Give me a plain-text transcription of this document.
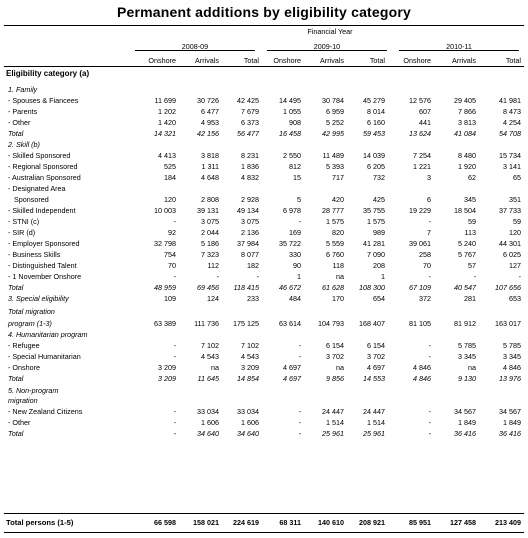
Permanent additions by eligibility category
Financial Year
2008-09	2009-10	2010-11
Onshore	Arrivals	Total	Onshore	Arrivals	Total	Onshore	Arrivals	Total
Eligibility category (a)
1. Family
- Spouses & Fiancees	11 699	30 726	42 425	14 495	30 784	45 279	12 576	29 405	41 981
- Parents	1 202	6 477	7 679	1 055	6 959	8 014	607	7 866	8 473
- Other	1 420	4 953	6 373	908	5 252	6 160	441	3 813	4 254
Total	14 321	42 156	56 477	16 458	42 995	59 453	13 624	41 084	54 708
2. Skill (b)
- Skilled Sponsored	4 413	3 818	8 231	2 550	11 489	14 039	7 254	8 480	15 734
- Regional Sponsored	525	1 311	1 836	812	5 393	6 205	1 221	1 920	3 141
- Australian Sponsored	184	4 648	4 832	15	717	732	3	62	65
- Designated Area
Sponsored	120	2 808	2 928	5	420	425	6	345	351
- Skilled Independent	10 003	39 131	49 134	6 978	28 777	35 755	19 229	18 504	37 733
- STNI (c)	-	3 075	3 075	-	1 575	1 575	-	59	59
- SIR (d)	92	2 044	2 136	169	820	989	7	113	120
- Employer Sponsored	32 798	5 186	37 984	35 722	5 559	41 281	39 061	5 240	44 301
- Business Skills	754	7 323	8 077	330	6 760	7 090	258	5 767	6 025
- Distinguished Talent	70	112	182	90	118	208	70	57	127
- 1 November Onshore	-	-	-	1	na	1	-	-	-
Total	48 959	69 456	118 415	46 672	61 628	108 300	67 109	40 547	107 656
3. Special eligibility	109	124	233	484	170	654	372	281	653
Total migration
program (1-3)	63 389	111 736	175 125	63 614	104 793	168 407	81 105	81 912	163 017
4. Humanitarian program
- Refugee	-	7 102	7 102	-	6 154	6 154	-	5 785	5 785
- Special Humanitarian	-	4 543	4 543	-	3 702	3 702	-	3 345	3 345
- Onshore	3 209	na	3 209	4 697	na	4 697	4 846	na	4 846
Total	3 209	11 645	14 854	4 697	9 856	14 553	4 846	9 130	13 976
5. Non-program
migration
- New Zealand Citizens	-	33 034	33 034	-	24 447	24 447	-	34 567	34 567
- Other	-	1 606	1 606	-	1 514	1 514	-	1 849	1 849
Total	-	34 640	34 640	-	25 961	25 961	-	36 416	36 416
Total persons (1-5)	66 598	158 021	224 619	68 311	140 610	208 921	85 951	127 458	213 409
